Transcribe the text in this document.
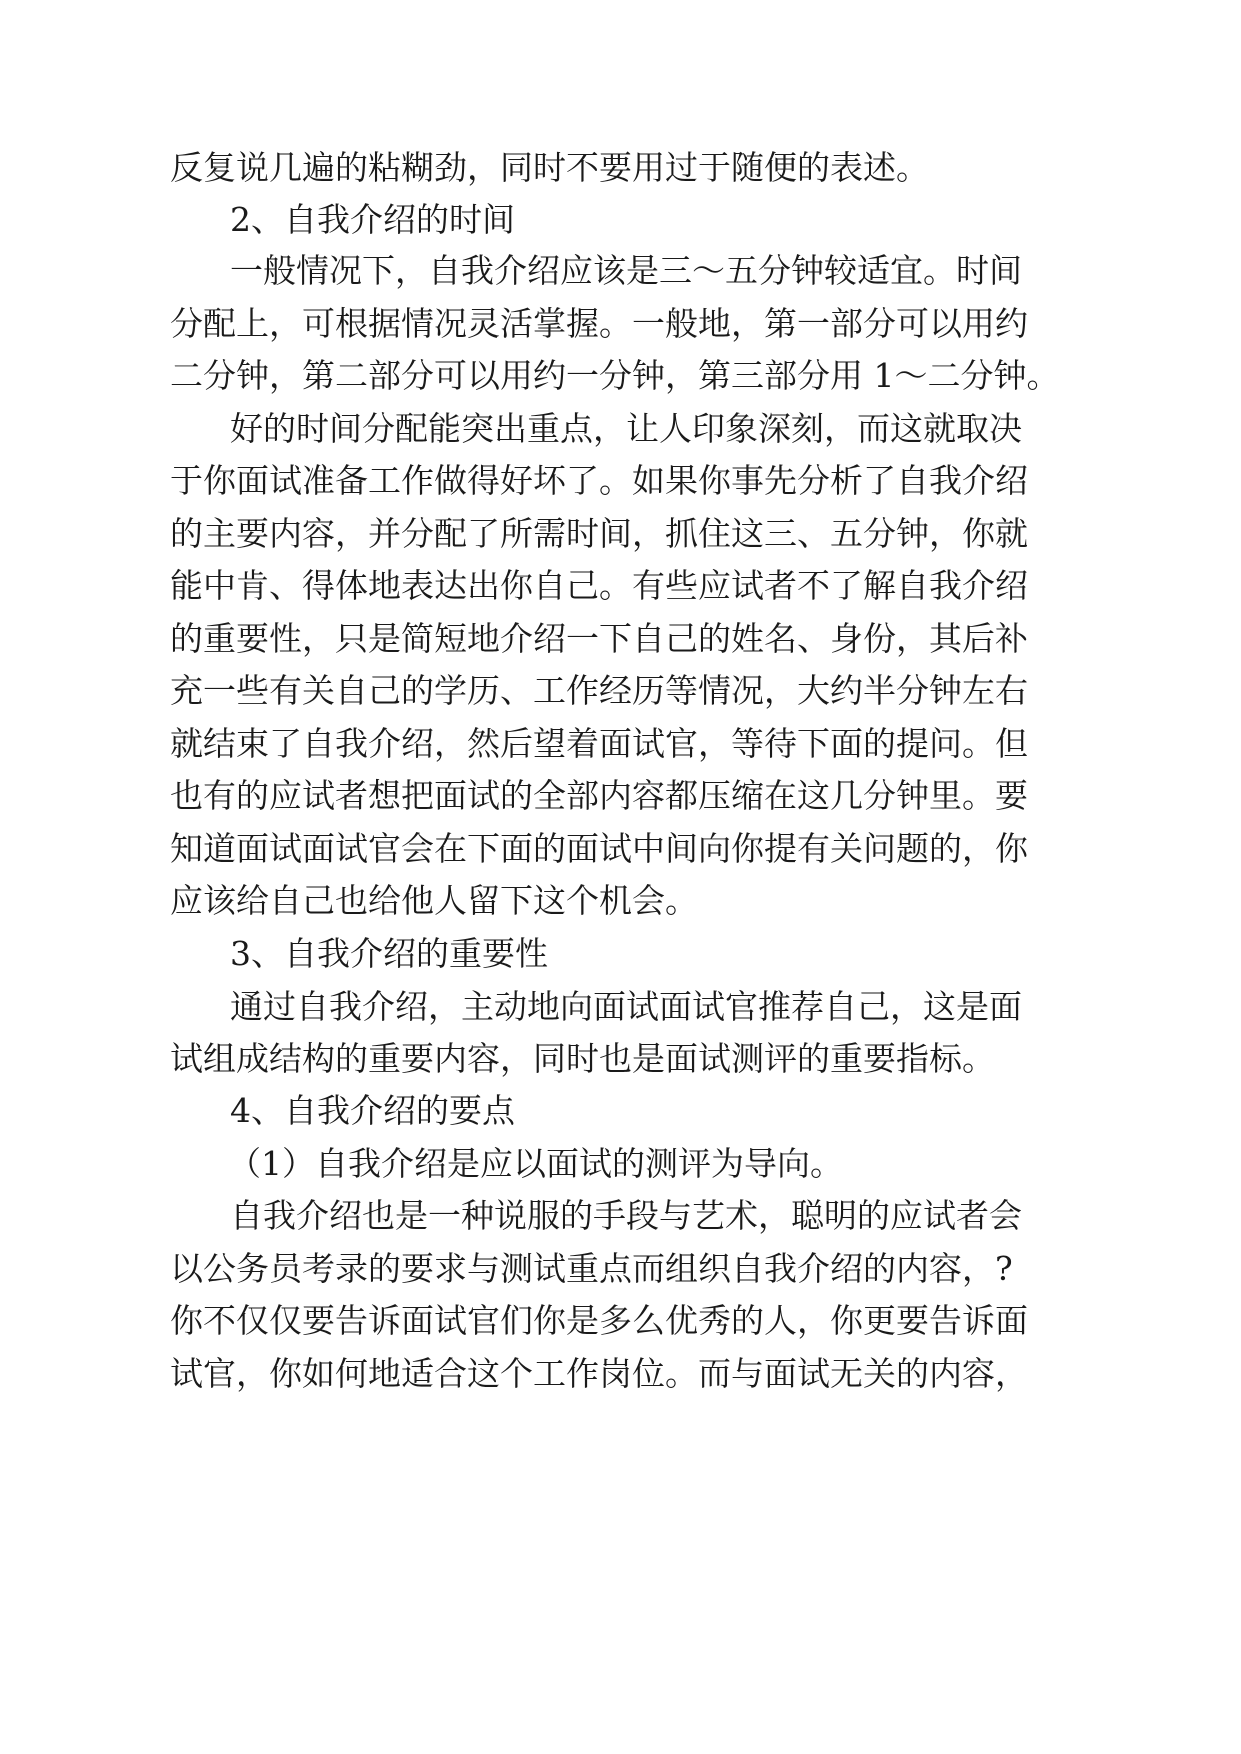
反复说几遍的粘糊劲，同时不要用过于随便的表述。
2、自我介绍的时间
一般情况下，自我介绍应该是三～五分钟较适宜。时间
分配上，可根据情况灵活掌握。一般地，第一部分可以用约
二分钟，第二部分可以用约一分钟，第三部分用 1～二分钟。
好的时间分配能突出重点，让人印象深刻，而这就取决
于你面试准备工作做得好坏了。如果你事先分析了自我介绍
的主要内容，并分配了所需时间，抓住这三、五分钟，你就
能中肯、得体地表达出你自己。有些应试者不了解自我介绍
的重要性，只是简短地介绍一下自己的姓名、身份，其后补
充一些有关自己的学历、工作经历等情况，大约半分钟左右
就结束了自我介绍，然后望着面试官，等待下面的提问。但
也有的应试者想把面试的全部内容都压缩在这几分钟里。要
知道面试面试官会在下面的面试中间向你提有关问题的，你
应该给自己也给他人留下这个机会。
3、自我介绍的重要性
通过自我介绍，主动地向面试面试官推荐自己，这是面
试组成结构的重要内容，同时也是面试测评的重要指标。
4、自我介绍的要点
（1）自我介绍是应以面试的测评为导向。
自我介绍也是一种说服的手段与艺术，聪明的应试者会
以公务员考录的要求与测试重点而组织自我介绍的内容，?
你不仅仅要告诉面试官们你是多么优秀的人，你更要告诉面
试官，你如何地适合这个工作岗位。而与面试无关的内容，
